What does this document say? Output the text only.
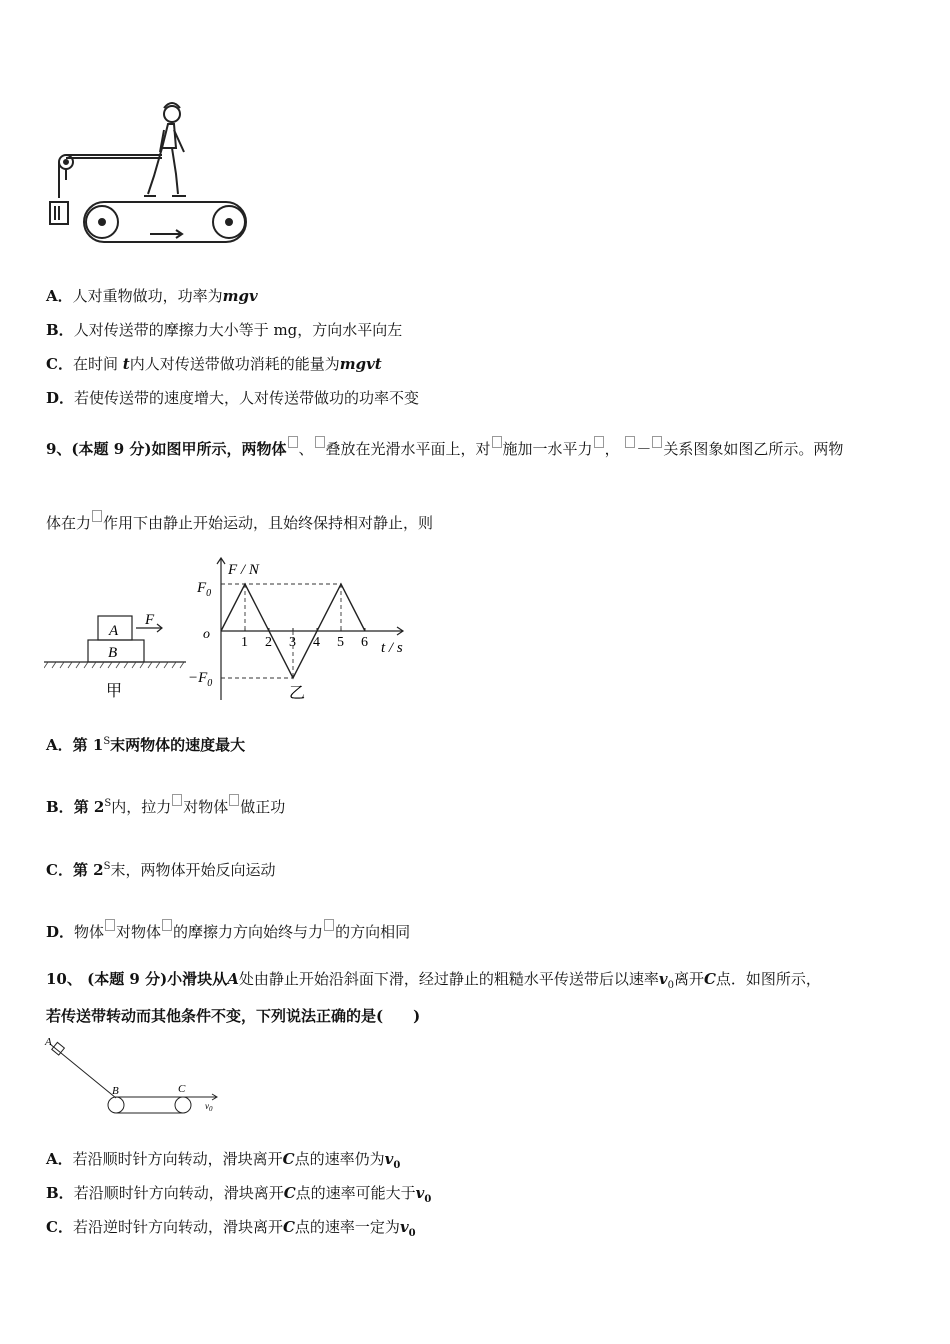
A．人对重物做功，功率为mgv
B．人对传送带的摩擦力大小等于 mg，方向水平向左
C．在时间 t内人对传送带做功消耗的能量为mgvt
D．若使传送带的速度增大，人对传送带做功的功率不变
9、(本题 9 分)如图甲所示，两物体 、 叠放在光滑水平面上，对 施加一水平力 ， － 关系图象如图乙所示。两物
体在力 作用下由静止开始运动，且始终保持相对静止，则
A
B
F
甲
1 2 3 4 5 6
F / N
t / s
o
$F_0$
$-F_0$
乙
A．第 $1^S$末两物体的速度最大
B．第 $2^S$内，拉力 对物体 做正功
C．第 $2^S$末，两物体开始反向运动
D．物体 对物体 的摩擦力方向始终与力 的方向相同
10、 (本题 9 分)小滑块从A处由静止开始沿斜面下滑，经过静止的粗糙水平传送带后以速率$v_0$离开C点．如图所示，
若传送带转动而其他条件不变，下列说法正确的是(　　)
A
B	C
$v_0$
A．若沿顺时针方向转动，滑块离开C点的速率仍为$v_0$
B．若沿顺时针方向转动，滑块离开C点的速率可能大于$v_0$
C．若沿逆时针方向转动，滑块离开C点的速率一定为$v_0$
